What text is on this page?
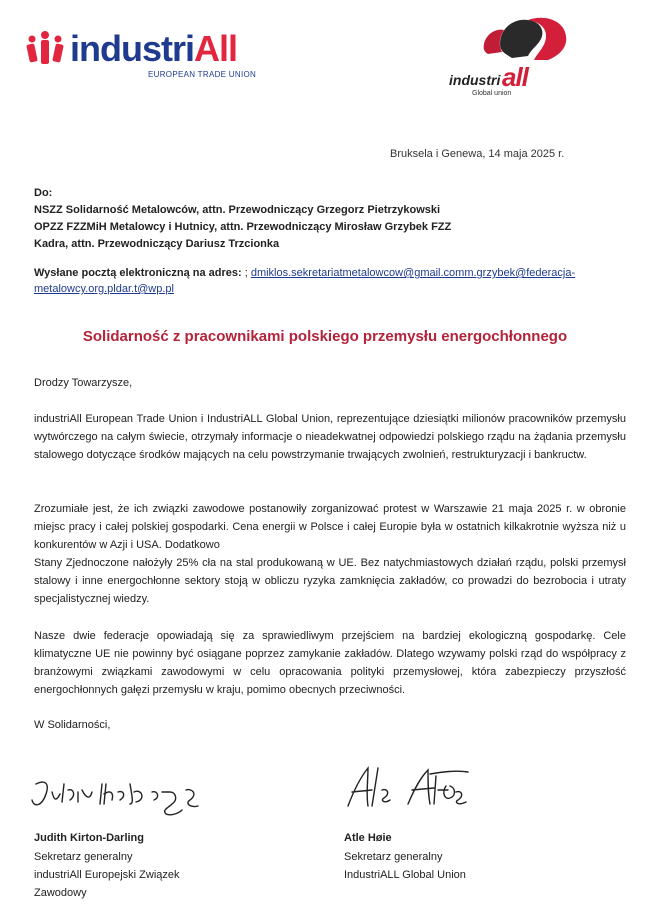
industriAll
EUROPEAN TRADE UNION	industri all
Global union
Bruksela i Genewa, 14 maja 2025 r.
Do:
NSZZ Solidarność Metalowców, attn. Przewodniczący Grzegorz Pietrzykowski
OPZZ FZZMiH Metalowcy i Hutnicy, attn. Przewodniczący Mirosław Grzybek FZZ
Kadra, attn. Przewodniczący Dariusz Trzcionka
Wysłane pocztą elektroniczną na adres: ; dmiklos.sekretariatmetalowcow@gmail.comm.grzybek@federacja-metalowcy.org.pldar.t@wp.pl
Solidarność z pracownikami polskiego przemysłu energochłonnego
Drodzy Towarzysze,
industriAll European Trade Union i IndustriALL Global Union, reprezentujące dziesiątki milionów pracowników przemysłu wytwórczego na całym świecie, otrzymały informacje o nieadekwatnej odpowiedzi polskiego rządu na żądania przemysłu stalowego dotyczące środków mających na celu powstrzymanie trwających zwolnień, restrukturyzacji i bankructw.
Zrozumiałe jest, że ich związki zawodowe postanowiły zorganizować protest w Warszawie 21 maja 2025 r. w obronie miejsc pracy i całej polskiej gospodarki. Cena energii w Polsce i całej Europie była w ostatnich kilkakrotnie wyższa niż u konkurentów w Azji i USA. Dodatkowo
Stany Zjednoczone nałożyły 25% cła na stal produkowaną w UE. Bez natychmiastowych działań rządu, polski przemysł stalowy i inne energochłonne sektory stoją w obliczu ryzyka zamknięcia zakładów, co prowadzi do bezrobocia i utraty specjalistycznej wiedzy.
Nasze dwie federacje opowiadają się za sprawiedliwym przejściem na bardziej ekologiczną gospodarkę. Cele klimatyczne UE nie powinny być osiągane poprzez zamykanie zakładów. Dlatego wzywamy polski rząd do współpracy z branżowymi związkami zawodowymi w celu opracowania polityki przemysłowej, która zabezpieczy przyszłość energochłonnych gałęzi przemysłu w kraju, pomimo obecnych przeciwności.
W Solidarności,
Judith Kirton-Darling
Sekretarz generalny
industriAll Europejski Związek Zawodowy
Atle Høie
Sekretarz generalny
IndustriALL Global Union
